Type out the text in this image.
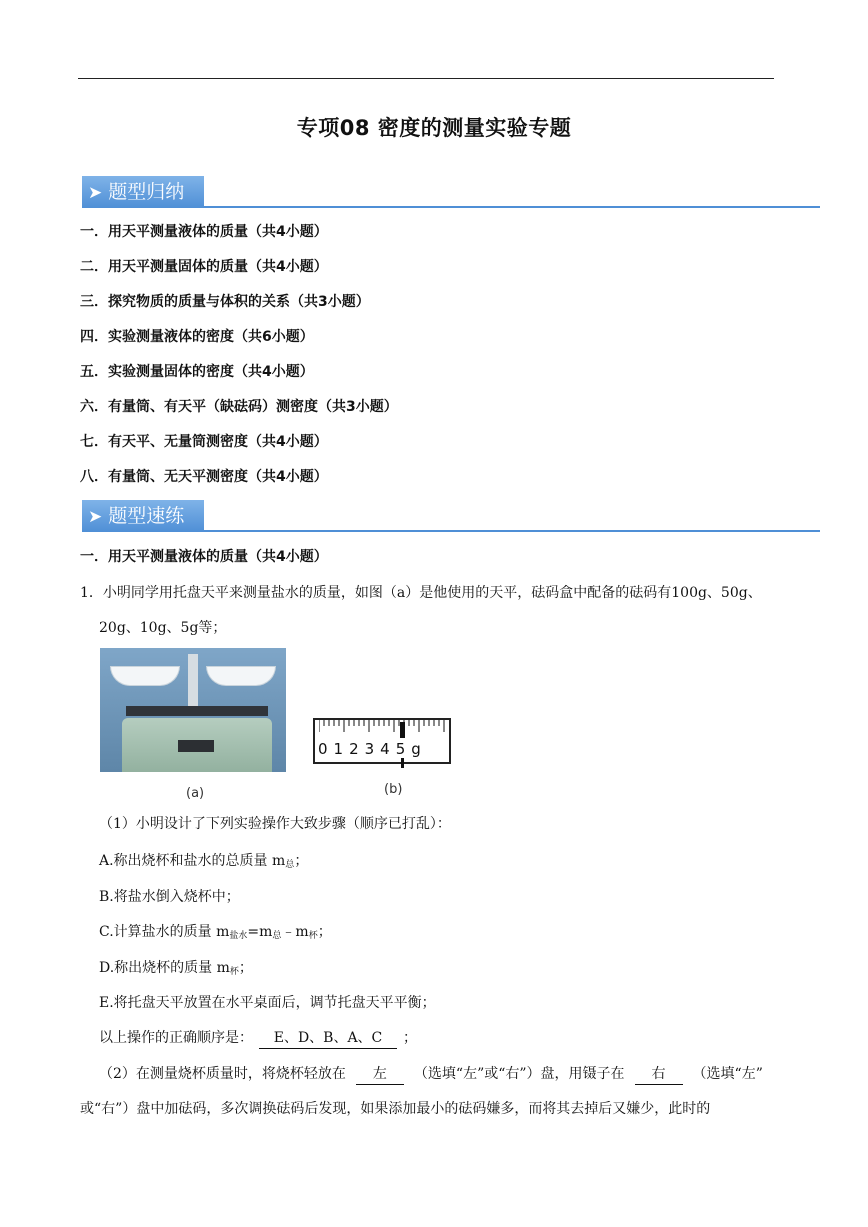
专项08 密度的测量实验专题
➤ 题型归纳
一．用天平测量液体的质量（共4小题）
二．用天平测量固体的质量（共4小题）
三．探究物质的质量与体积的关系（共3小题）
四．实验测量液体的密度（共6小题）
五．实验测量固体的密度（共4小题）
六．有量筒、有天平（缺砝码）测密度（共3小题）
七．有天平、无量筒测密度（共4小题）
八．有量筒、无天平测密度（共4小题）
➤ 题型速练
一．用天平测量液体的质量（共4小题）
1．小明同学用托盘天平来测量盐水的质量，如图（a）是他使用的天平，砝码盒中配备的砝码有100g、50g、
20g、10g、5g等；
(a)
012345g
(b)
（1）小明设计了下列实验操作大致步骤（顺序已打乱）：
A.称出烧杯和盐水的总质量 $m_总$；
B.将盐水倒入烧杯中；
C.计算盐水的质量 $m_{盐水}=m_总﹣m_杯$；
D.称出烧杯的质量 $m_杯$；
E.将托盘天平放置在水平桌面后，调节托盘天平平衡；
以上操作的正确顺序是： E、D、B、A、C ；
（2）在测量烧杯质量时，将烧杯轻放在 左 （选填“左”或“右”）盘，用镊子在 右 （选填“左”
或“右”）盘中加砝码，多次调换砝码后发现，如果添加最小的砝码嫌多，而将其去掉后又嫌少，此时的
